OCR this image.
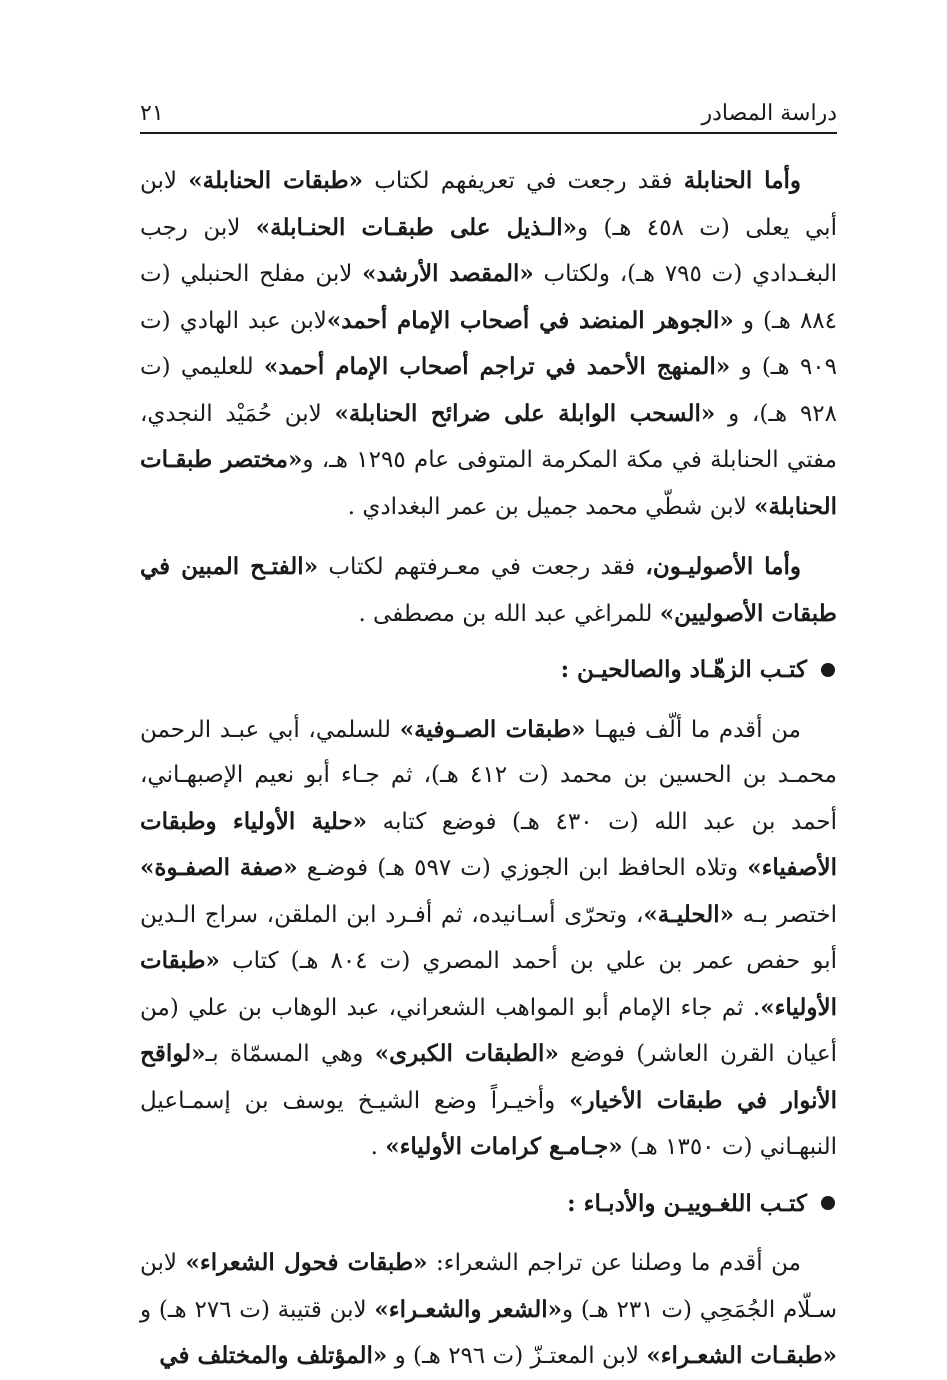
دراسة المصادر
٢١

وأما الحنابلة فقد رجعت في تعريفهم لكتاب «طبقات الحنابلة» لابن أبي يعلى (ت ٤٥٨ هـ) و«الـذيل على طبقـات الحنـابلة» لابن رجب البغـدادي (ت ٧٩٥ هـ)، ولكتاب «المقصد الأرشد» لابن مفلح الحنبلي (ت ٨٨٤ هـ) و «الجوهر المنضد في أصحاب الإمام أحمد»لابن عبد الهادي (ت ٩٠٩ هـ) و «المنهج الأحمد في تراجم أصحاب الإمام أحمد» للعليمي (ت ٩٢٨ هـ)، و «السحب الوابلة على ضرائح الحنابلة» لابن حُمَيْد النجدي، مفتي الحنابلة في مكة المكرمة المتوفى عام ١٢٩٥ هـ، و«مختصر طبقـات الحنابلة» لابن شطّي محمد جميل بن عمر البغدادي .

وأما الأصوليـون، فقد رجعت في معـرفتهم لكتاب «الفتـح المبين في طبقات الأصوليين» للمراغي عبد الله بن مصطفى .

كتـب الزهّـاد والصالحيـن :

من أقدم ما ألّف فيهـا «طبقات الصـوفية» للسلمي، أبي عبـد الرحمن محمـد بن الحسين بن محمد (ت ٤١٢ هـ)، ثم جـاء أبو نعيم الإصبهـاني، أحمد بن عبد الله (ت ٤٣٠ هـ) فوضع كتابه «حلية الأولياء وطبقات الأصفياء» وتلاه الحافظ ابن الجوزي (ت ٥٩٧ هـ) فوضـع «صفة الصفـوة» اختصر بـه «الحليـة»، وتحرّى أسـانيده، ثم أفـرد ابن الملقن، سراج الـدين أبو حفص عمر بن علي بن أحمد المصري (ت ٨٠٤ هـ) كتاب «طبقات الأولياء». ثم جاء الإمام أبو المواهب الشعراني، عبد الوهاب بن علي (من أعيان القرن العاشر) فوضع «الطبقات الكبرى» وهي المسمّاة بـ«لواقح الأنوار في طبقات الأخيار» وأخيـراً وضع الشيـخ يوسف بن إسمـاعيل النبهـاني (ت ١٣٥٠ هـ) «جـامـع كرامات الأولياء» .

كتـب اللغـوييـن والأدبـاء :

من أقدم ما وصلنا عن تراجم الشعراء: «طبقات فحول الشعراء» لابن سـلّام الجُمَحِي (ت ٢٣١ هـ) و«الشعر والشعـراء» لابن قتيبة (ت ٢٧٦ هـ) و «طبقـات الشعـراء» لابن المعتـزّ (ت ٢٩٦ هـ) و «المؤتلف والمختلف في
